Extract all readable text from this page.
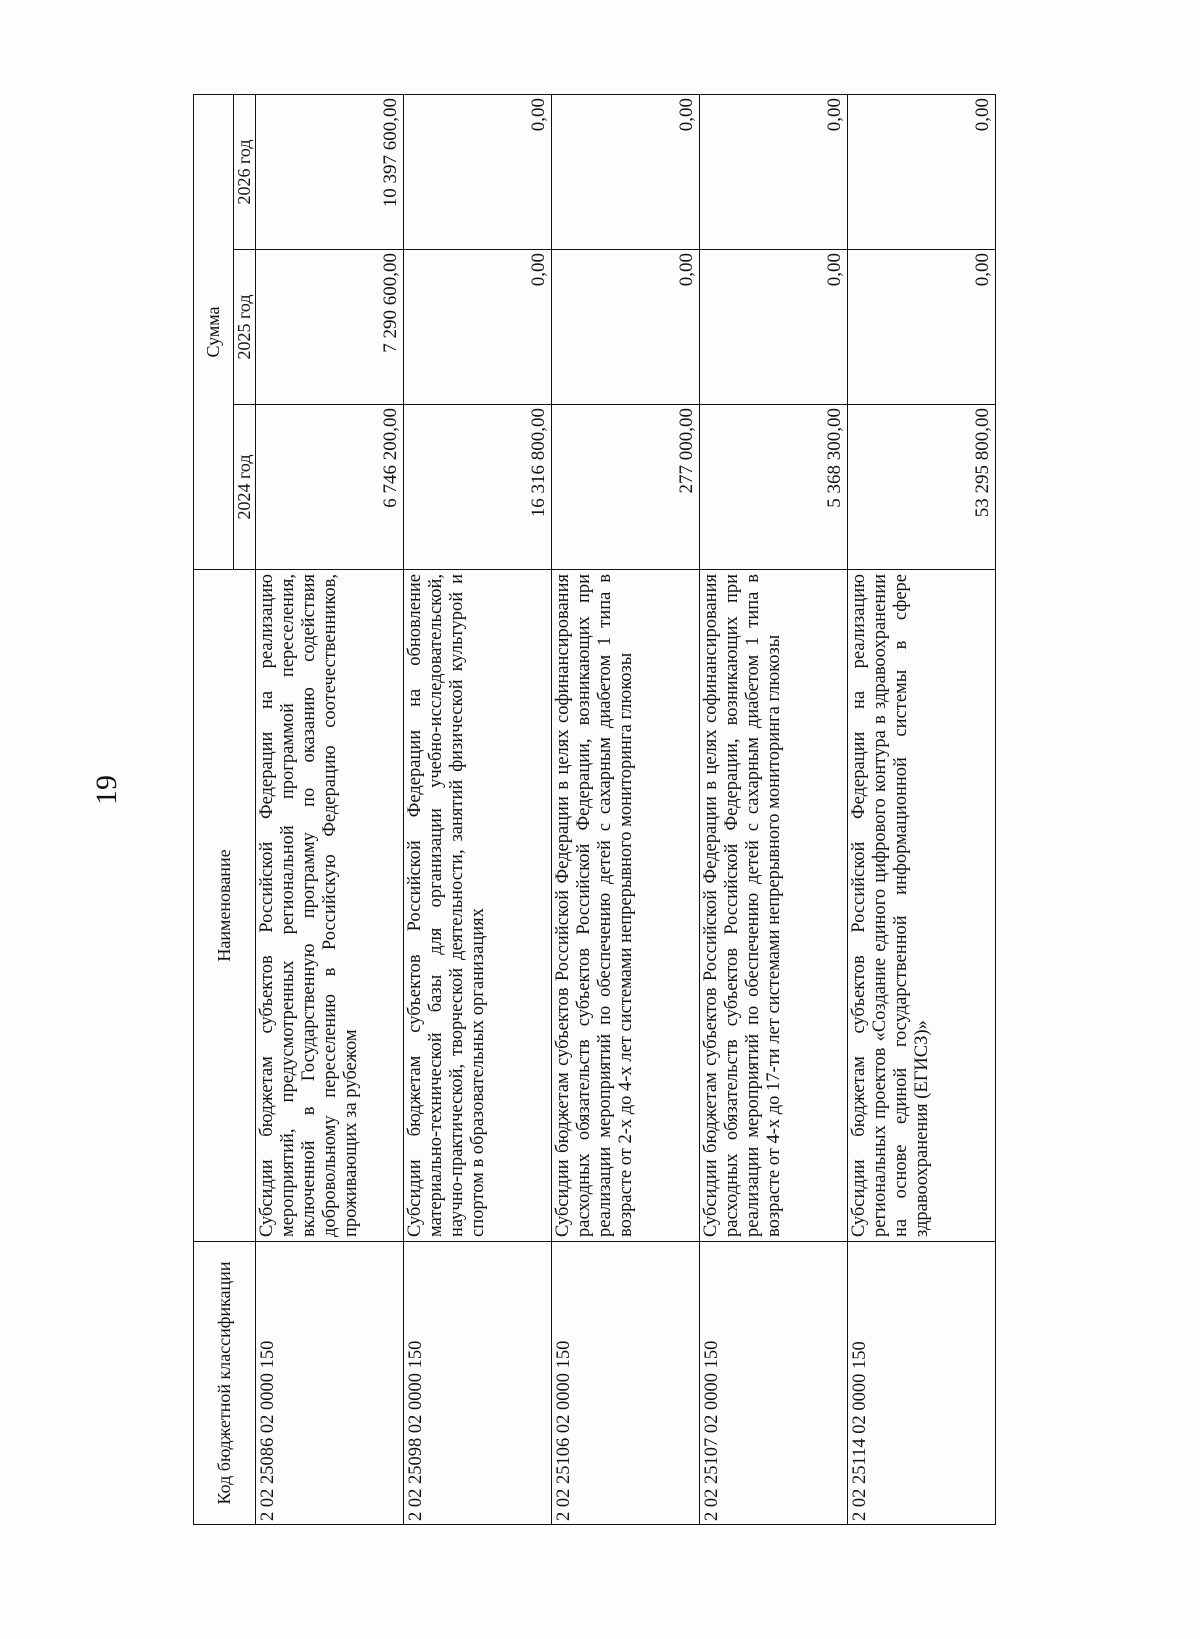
19
Код бюджетной классификации	Наименование	Сумма		
		2024 год	2025 год	2026 год
2 02 25086 02 0000 150	Субсидии бюджетам субъектов Российской Федерации на реализацию мероприятий, предусмотренных региональной программой переселения, включенной в Государственную программу по оказанию содействия добровольному переселению в Российскую Федерацию соотечественников, проживающих за рубежом	6 746 200,00	7 290 600,00	10 397 600,00
2 02 25098 02 0000 150	Субсидии бюджетам субъектов Российской Федерации на обновление материально-технической базы для организации учебно-исследовательской, научно-практической, творческой деятельности, занятий физической культурой и спортом в образовательных организациях	16 316 800,00	0,00	0,00
2 02 25106 02 0000 150	Субсидии бюджетам субъектов Российской Федерации в целях софинансирования расходных обязательств субъектов Российской Федерации, возникающих при реализации мероприятий по обеспечению детей с сахарным диабетом 1 типа в возрасте от 2-х до 4-х лет системами непрерывного мониторинга глюкозы	277 000,00	0,00	0,00
2 02 25107 02 0000 150	Субсидии бюджетам субъектов Российской Федерации в целях софинансирования расходных обязательств субъектов Российской Федерации, возникающих при реализации мероприятий по обеспечению детей с сахарным диабетом 1 типа в возрасте от 4-х до 17-ти лет системами непрерывного мониторинга глюкозы	5 368 300,00	0,00	0,00
2 02 25114 02 0000 150	Субсидии бюджетам субъектов Российской Федерации на реализацию региональных проектов «Создание единого цифрового контура в здравоохранении на основе единой государственной информационной системы в сфере здравоохранения (ЕГИСЗ)»	53 295 800,00	0,00	0,00
